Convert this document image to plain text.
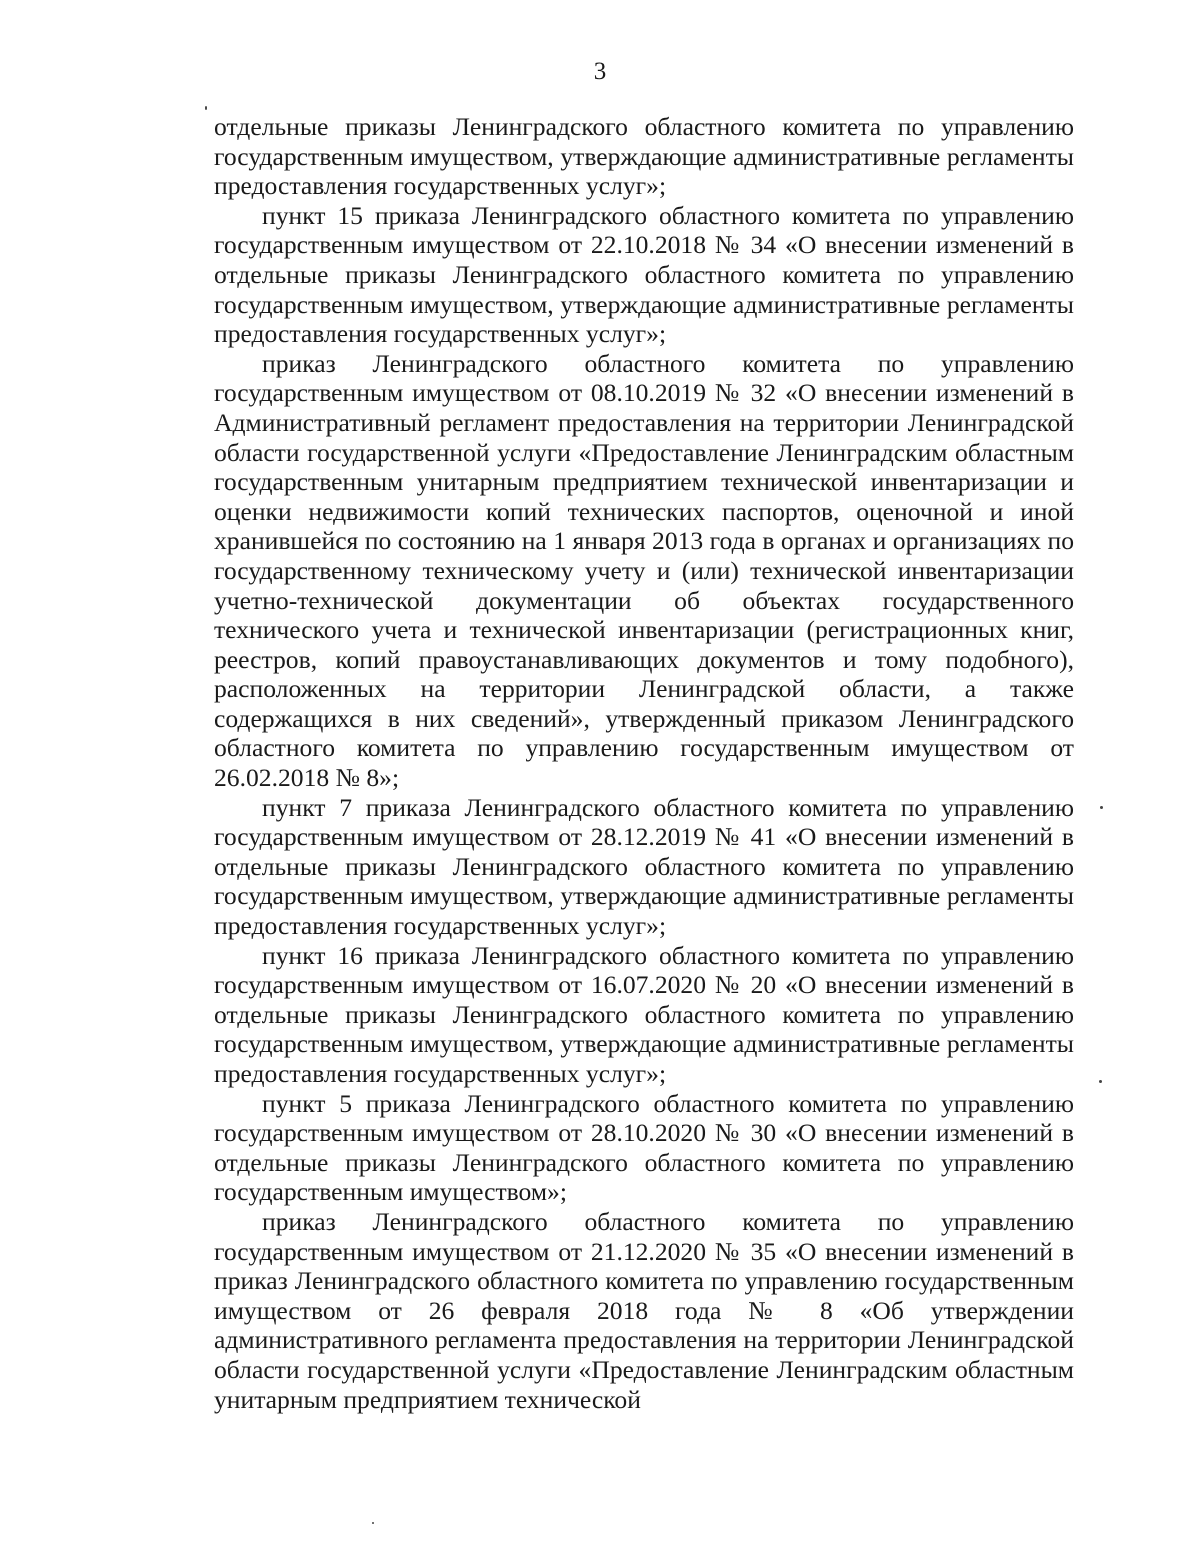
3

отдельные приказы Ленинградского областного комитета по управлению государственным имуществом, утверждающие административные регламенты предоставления государственных услуг»;

пункт 15 приказа Ленинградского областного комитета по управлению государственным имуществом от 22.10.2018 № 34 «О внесении изменений в отдельные приказы Ленинградского областного комитета по управлению государственным имуществом, утверждающие административные регламенты предоставления государственных услуг»;

приказ Ленинградского областного комитета по управлению государственным имуществом от 08.10.2019 № 32 «О внесении изменений в Административный регламент предоставления на территории Ленинградской области государственной услуги «Предоставление Ленинградским областным государственным унитарным предприятием технической инвентаризации и оценки недвижимости копий технических паспортов, оценочной и иной хранившейся по состоянию на 1 января 2013 года в органах и организациях по государственному техническому учету и (или) технической инвентаризации учетно-технической документации об объектах государственного технического учета и технической инвентаризации (регистрационных книг, реестров, копий правоустанавливающих документов и тому подобного), расположенных на территории Ленинградской области, а также содержащихся в них сведений», утвержденный приказом Ленинградского областного комитета по управлению государственным имуществом от 26.02.2018 № 8»;

пункт 7 приказа Ленинградского областного комитета по управлению государственным имуществом от 28.12.2019 № 41 «О внесении изменений в отдельные приказы Ленинградского областного комитета по управлению государственным имуществом, утверждающие административные регламенты предоставления государственных услуг»;

пункт 16 приказа Ленинградского областного комитета по управлению государственным имуществом от 16.07.2020 № 20 «О внесении изменений в отдельные приказы Ленинградского областного комитета по управлению государственным имуществом, утверждающие административные регламенты предоставления государственных услуг»;

пункт 5 приказа Ленинградского областного комитета по управлению государственным имуществом от 28.10.2020 № 30 «О внесении изменений в отдельные приказы Ленинградского областного комитета по управлению государственным имуществом»;

приказ Ленинградского областного комитета по управлению государственным имуществом от 21.12.2020 № 35 «О внесении изменений в приказ Ленинградского областного комитета по управлению государственным имуществом от 26 февраля 2018 года № 8 «Об утверждении административного регламента предоставления на территории Ленинградской области государственной услуги «Предоставление Ленинградским областным унитарным предприятием технической
